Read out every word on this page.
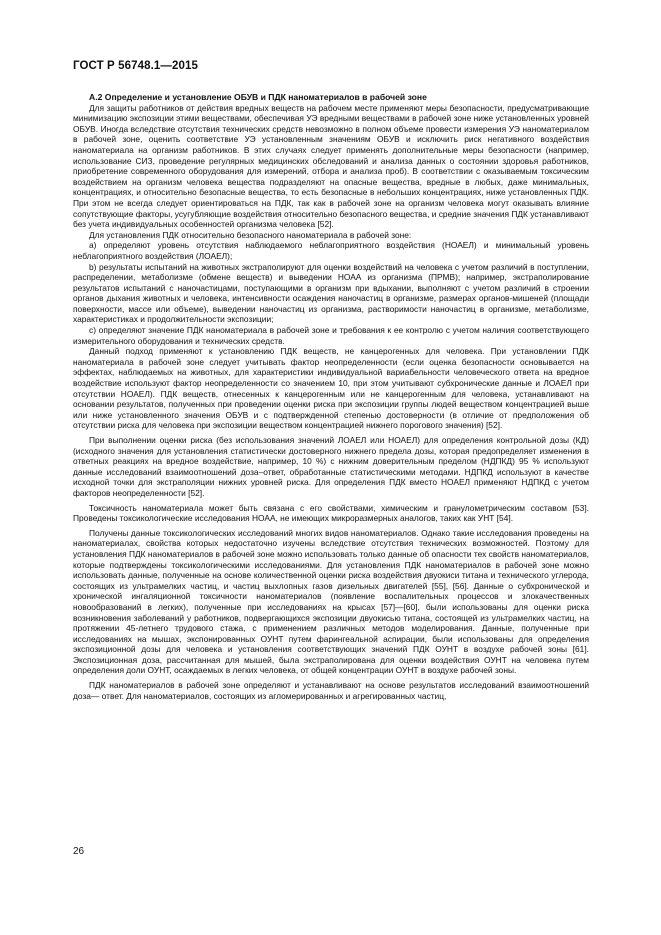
ГОСТ Р 56748.1—2015
А.2 Определение и установление ОБУВ и ПДК наноматериалов в рабочей зоне

Для защиты работников от действия вредных веществ на рабочем месте применяют меры безопасности, предусматривающие минимизацию экспозиции этими веществами, обеспечивая УЭ вредными веществами в рабочей зоне ниже установленных уровней ОБУВ. Иногда вследствие отсутствия технических средств невозможно в полном объеме провести измерения УЭ наноматериалом в рабочей зоне, оценить соответствие УЭ установленным значениям ОБУВ и исключить риск негативного воздействия наноматериала на организм работников. В этих случаях следует применять дополнительные меры безопасности (например, использование СИЗ, проведение регулярных медицинских обследований и анализа данных о состоянии здоровья работников, приобретение современного оборудования для измерений, отбора и анализа проб). В соответствии с оказываемым токсическим воздействием на организм человека вещества подразделяют на опасные вещества, вредные в любых, даже минимальных, концентрациях, и относительно безопасные вещества, то есть безопасные в небольших концентрациях, ниже установленных ПДК. При этом не всегда следует ориентироваться на ПДК, так как в рабочей зоне на организм человека могут оказывать влияние сопутствующие факторы, усугубляющие воздействия относительно безопасного вещества, и средние значения ПДК устанавливают без учета индивидуальных особенностей организма человека [52].

Для установления ПДК относительно безопасного наноматериала в рабочей зоне:

а) определяют уровень отсутствия наблюдаемого неблагоприятного воздействия (НОАЕЛ) и минимальный уровень неблагоприятного воздействия (ЛОАЕЛ);

b) результаты испытаний на животных экстраполируют для оценки воздействий на человека с учетом различий в поступлении, распределении, метаболизме (обмене веществ) и выведении НОАА из организма (ПРМВ); например, экстраполирование результатов испытаний с наночастицами, поступающими в организм при вдыхании, выполняют с учетом различий в строении органов дыхания животных и человека, интенсивности осаждения наночастиц в организме, размерах органов-мишеней (площади поверхности, массе или объеме), выведении наночастиц из организма, растворимости наночастиц в организме, метаболизме, характеристиках и продолжительности экспозиции;

с) определяют значение ПДК наноматериала в рабочей зоне и требования к ее контролю с учетом наличия соответствующего измерительного оборудования и технических средств.

Данный подход применяют к установлению ПДК веществ, не канцерогенных для человека. При установлении ПДК наноматериала в рабочей зоне следует учитывать фактор неопределенности (если оценка безопасности основывается на эффектах, наблюдаемых на животных, для характеристики индивидуальной вариабельности человеческого ответа на вредное воздействие используют фактор неопределенности со значением 10, при этом учитывают субхронические данные и ЛОАЕЛ при отсутствии НОАЕЛ). ПДК веществ, отнесенных к канцерогенным или не канцерогенным для человека, устанавливают на основании результатов, полученных при проведении оценки риска при экспозиции группы людей веществом концентрацией выше или ниже установленного значения ОБУВ и с подтвержденной степенью достоверности (в отличие от предположения об отсутствии риска для человека при экспозиции веществом концентрацией нижнего порогового значения) [52].

При выполнении оценки риска (без использования значений ЛОАЕЛ или НОАЕЛ) для определения контрольной дозы (КД) (исходного значения для установления статистически достоверного нижнего предела дозы, которая предопределяет изменения в ответных реакциях на вредное воздействие, например, 10 %) с нижним доверительным пределом (НДПКД) 95 % используют данные исследований взаимоотношений доза–ответ, обработанные статистическими методами. НДПКД используют в качестве исходной точки для экстраполяции нижних уровней риска. Для определения ПДК вместо НОАЕЛ применяют НДПКД с учетом факторов неопределенности [52].

Токсичность наноматериала может быть связана с его свойствами, химическим и гранулометрическим составом [53]. Проведены токсикологические исследования НОАА, не имеющих микроразмерных аналогов, таких как УНТ [54].

Получены данные токсикологических исследований многих видов наноматериалов. Однако такие исследования проведены на наноматериалах, свойства которых недостаточно изучены вследствие отсутствия технических возможностей. Поэтому для установления ПДК наноматериалов в рабочей зоне можно использовать только данные об опасности тех свойств наноматериалов, которые подтверждены токсикологическими исследованиями. Для установления ПДК наноматериалов в рабочей зоне можно использовать данные, полученные на основе количественной оценки риска воздействия двуокиси титана и технического углерода, состоящих из ультрамелких частиц, и частиц выхлопных газов дизельных двигателей [55], [56]. Данные о субхронической и хронической ингаляционной токсичности наноматериалов (появление воспалительных процессов и злокачественных новообразований в легких), полученные при исследованиях на крысах [57]—[60], были использованы для оценки риска возникновения заболеваний у работников, подвергающихся экспозиции двуокисью титана, состоящей из ультрамелких частиц, на протяжении 45-летнего трудового стажа, с применением различных методов моделирования. Данные, полученные при исследованиях на мышах, экспонированных ОУНТ путем фарингеальной аспирации, были использованы для определения экспозиционной дозы для человека и установления соответствующих значений ПДК ОУНТ в воздухе рабочей зоны [61]. Экспозиционная доза, рассчитанная для мышей, была экстраполирована для оценки воздействия ОУНТ на человека путем определения доли ОУНТ, осаждаемых в легких человека, от общей концентрации ОУНТ в воздухе рабочей зоны.

ПДК наноматериалов в рабочей зоне определяют и устанавливают на основе результатов исследований взаимоотношений доза— ответ. Для наноматериалов, состоящих из агломерированных и агрегированных частиц,

26
